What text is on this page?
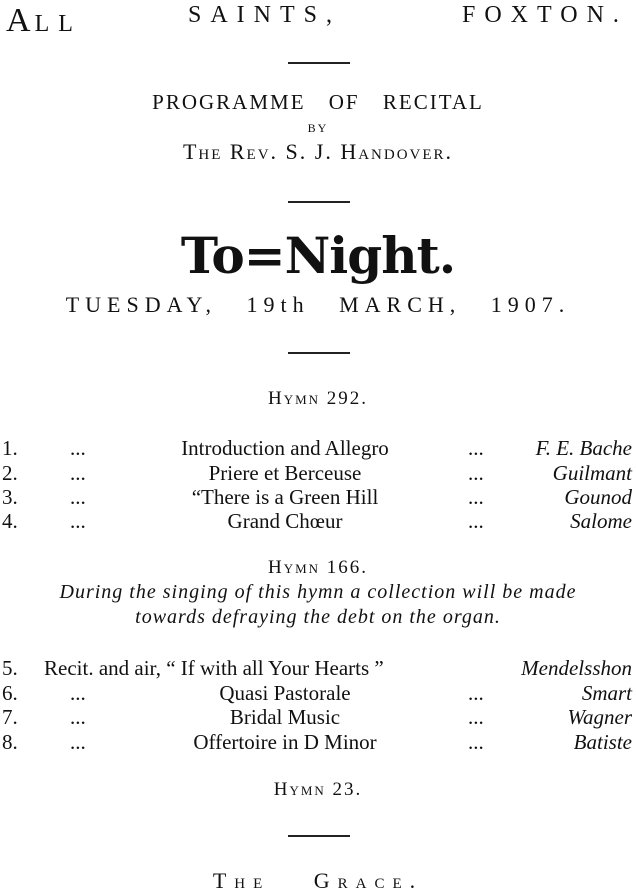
ALL	SAINTS,	FOXTON.
PROGRAMME OF RECITAL
BY
The Rev. S. J. Handover.
To=Night.
TUESDAY, 19th MARCH, 1907.
Hymn 292.
1. ...	Introduction and Allegro	... F. E. Bache
2. ...	Priere et Berceuse	...	Guilmant
3. ...	“There is a Green Hill	...	Gounod
4. ...	Grand Chœur	...	Salome
Hymn 166.
During the singing of this hymn a collection will be made
towards defraying the debt on the organ.
5. Recit. and air, “ If with all Your Hearts ”	Mendelsshon
6. ...	Quasi Pastorale	...	Smart
7. ...	Bridal Music	...	Wagner
8. ...	Offertoire in D Minor	...	Batiste
Hymn 23.
The Grace.
